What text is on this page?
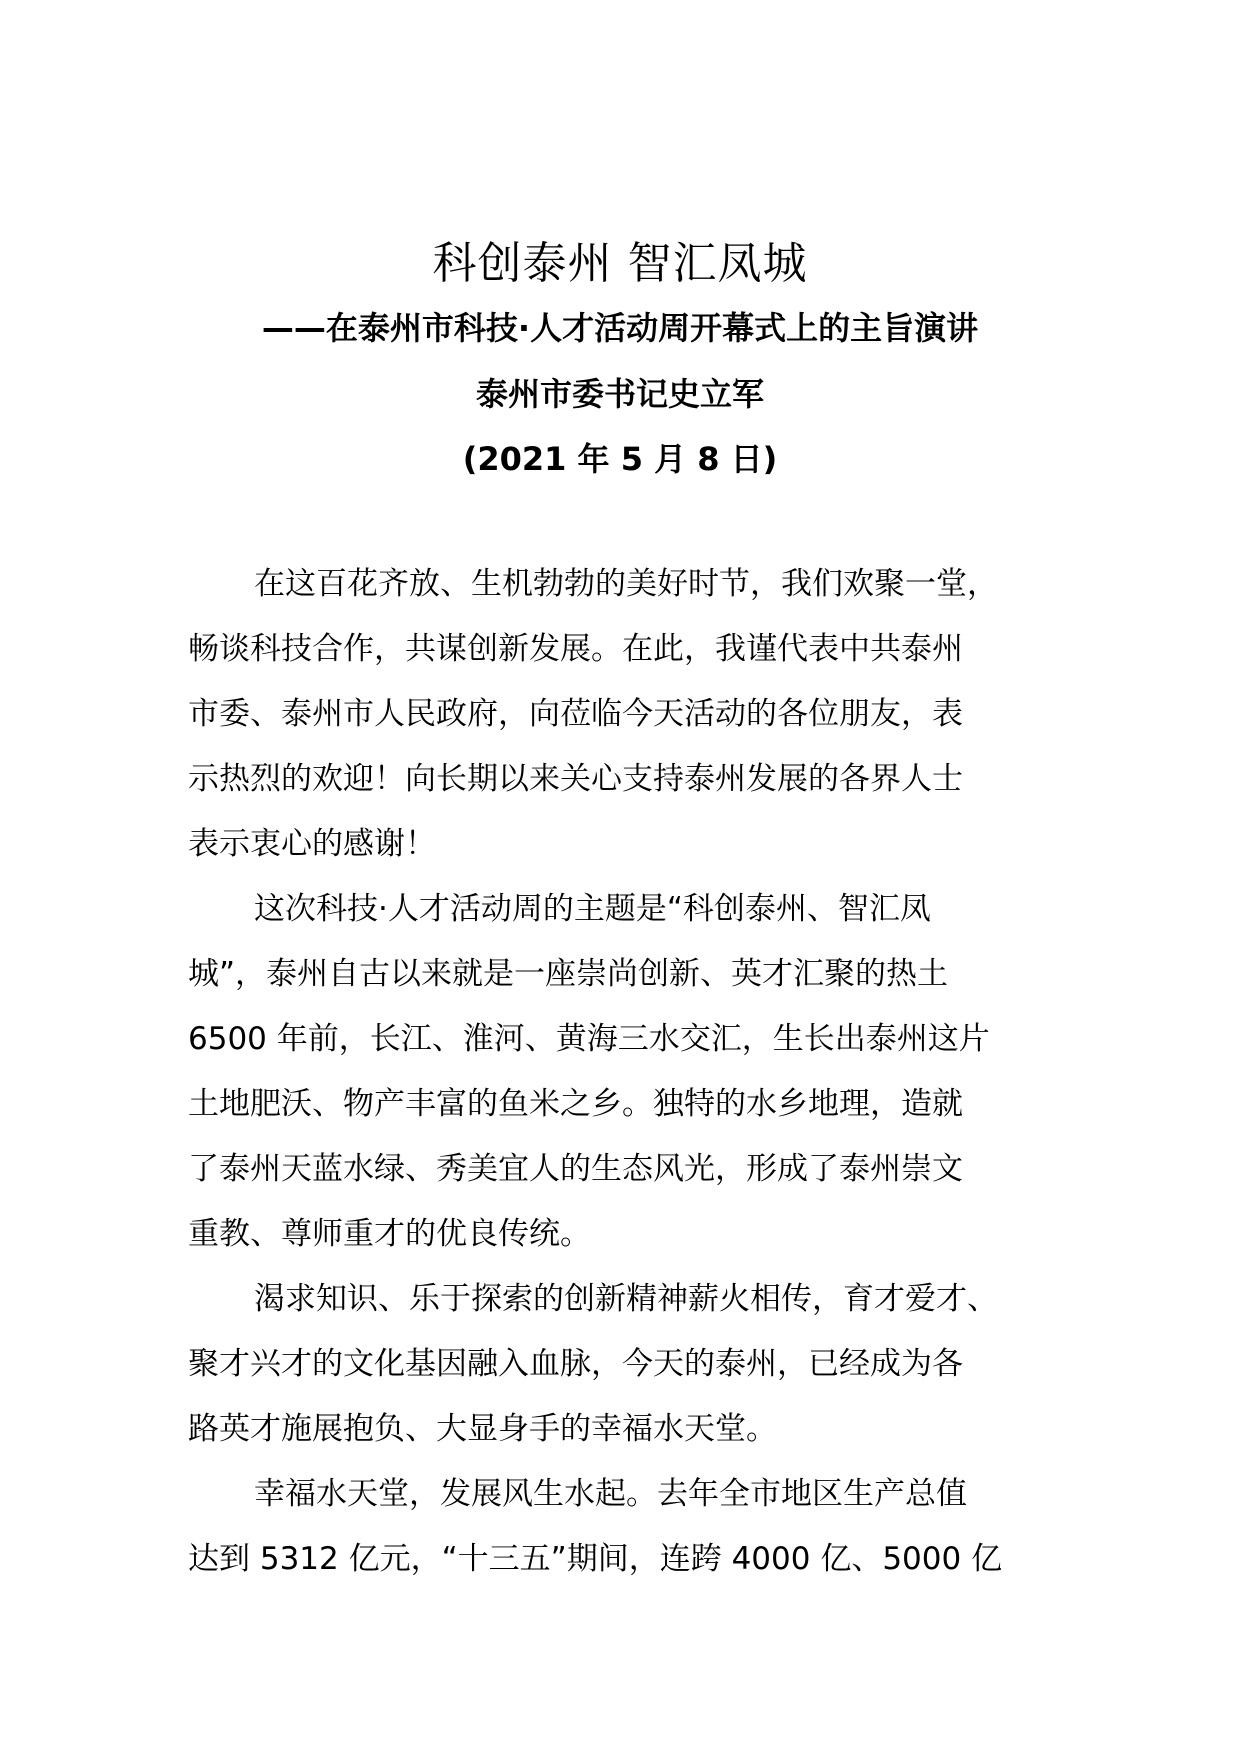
科创泰州 智汇凤城
——在泰州市科技·人才活动周开幕式上的主旨演讲
泰州市委书记史立军
(2021 年 5 月 8 日)
在这百花齐放、生机勃勃的美好时节，我们欢聚一堂，
畅谈科技合作，共谋创新发展。在此，我谨代表中共泰州
市委、泰州市人民政府，向莅临今天活动的各位朋友，表
示热烈的欢迎！向长期以来关心支持泰州发展的各界人士
表示衷心的感谢！
这次科技·人才活动周的主题是“科创泰州、智汇凤
城”，泰州自古以来就是一座崇尚创新、英才汇聚的热土
6500 年前，长江、淮河、黄海三水交汇，生长出泰州这片
土地肥沃、物产丰富的鱼米之乡。独特的水乡地理，造就
了泰州天蓝水绿、秀美宜人的生态风光，形成了泰州崇文
重教、尊师重才的优良传统。
渴求知识、乐于探索的创新精神薪火相传，育才爱才、
聚才兴才的文化基因融入血脉，今天的泰州，已经成为各
路英才施展抱负、大显身手的幸福水天堂。
幸福水天堂，发展风生水起。去年全市地区生产总值
达到 5312 亿元，“十三五”期间，连跨 4000 亿、5000 亿
